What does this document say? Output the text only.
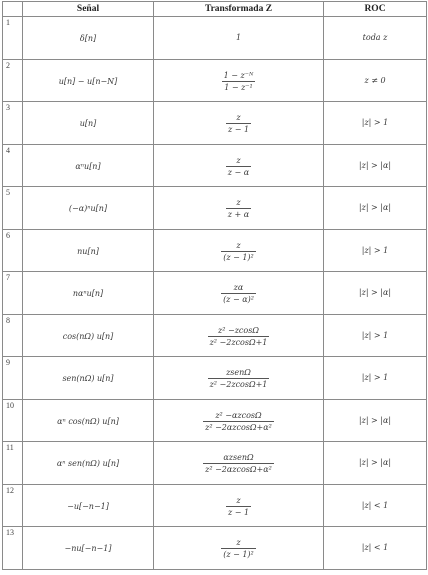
	Señal	Transformada Z	ROC
1	δ[n]	1	toda z
2	u[n] − u[n−N]	$\frac{\text{1 − z⁻ᴺ}}{\text{1 − z⁻¹}}$	z ≠ 0
3	u[n]	$\frac{z}{z - 1}$	|z| > 1
4	αⁿu[n]	$\frac{z}{z - \alpha}$	|z| > |α|
5	(−α)ⁿu[n]	$\frac{z}{z + \alpha}$	|z| > |α|
6	nu[n]	$\frac{z}{\text{(z − 1)²}}$	|z| > 1
7	nαⁿu[n]	$\frac{z\alpha}{\text{(z − α)²}}$	|z| > |α|
8	cos(nΩ) u[n]	$\frac{\text{z² −zcosΩ}}{\text{z² −2zcosΩ+1}}$	|z| > 1
9	sen(nΩ) u[n]	$\frac{\text{zsenΩ}}{\text{z² −2zcosΩ+1}}$	|z| > 1
10	αⁿ cos(nΩ) u[n]	$\frac{\text{z² −αzcosΩ}}{\text{z² −2αzcosΩ+α²}}$	|z| > |α|
11	αⁿ sen(nΩ) u[n]	$\frac{\text{αzsenΩ}}{\text{z² −2αzcosΩ+α²}}$	|z| > |α|
12	−u[−n−1]	$\frac{z}{z - 1}$	|z| < 1
13	−nu[−n−1]	$\frac{z}{\text{(z − 1)²}}$	|z| < 1
